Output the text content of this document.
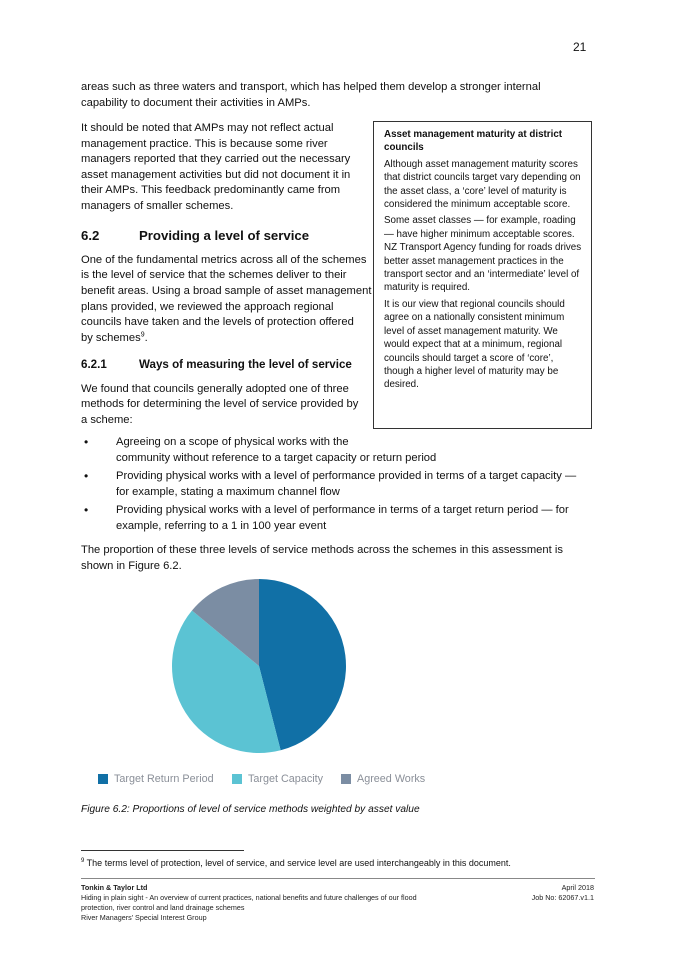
21
areas such as three waters and transport, which has helped them develop a stronger internal
capability to document their activities in AMPs.
It should be noted that AMPs may not reflect actual
management practice. This is because some river
managers reported that they carried out the necessary
asset management activities but did not document it in
their AMPs. This feedback predominantly came from
managers of smaller schemes.
6.2	Providing a level of service
One of the fundamental metrics across all of the schemes
is the level of service that the schemes deliver to their
benefit areas. Using a broad sample of asset management
plans provided, we reviewed the approach regional
councils have taken and the levels of protection offered
by schemes$^9$.
6.2.1	Ways of measuring the level of service
We found that councils generally adopted one of three
methods for determining the level of service provided by
a scheme:
Asset management maturity at district councils
Although asset management maturity scores that district councils target vary depending on the asset class, a ‘core’ level of maturity is considered the minimum acceptable score.
Some asset classes — for example, roading — have higher minimum acceptable scores. NZ Transport Agency funding for roads drives better asset management practices in the transport sector and an ‘intermediate’ level of maturity is required.
It is our view that regional councils should agree on a nationally consistent minimum level of asset management maturity. We would expect that at a minimum, regional councils should target a score of ‘core’, though a higher level of maturity may be desired.
• Agreeing on a scope of physical works with the
community without reference to a target capacity or return period
• Providing physical works with a level of performance provided in terms of a target capacity —
for example, stating a maximum channel flow
• Providing physical works with a level of performance in terms of a target return period — for
example, referring to a 1 in 100 year event
The proportion of these three levels of service methods across the schemes in this assessment is
shown in Figure 6.2.
Target Return Period	Target Capacity	Agreed Works
Figure 6.2: Proportions of level of service methods weighted by asset value
$^9$ The terms level of protection, level of service, and service level are used interchangeably in this document.
Tonkin & Taylor Ltd
Hiding in plain sight - An overview of current practices, national benefits and future challenges of our flood
protection, river control and land drainage schemes
River Managers’ Special Interest Group
April 2018
Job No: 62067.v1.1
